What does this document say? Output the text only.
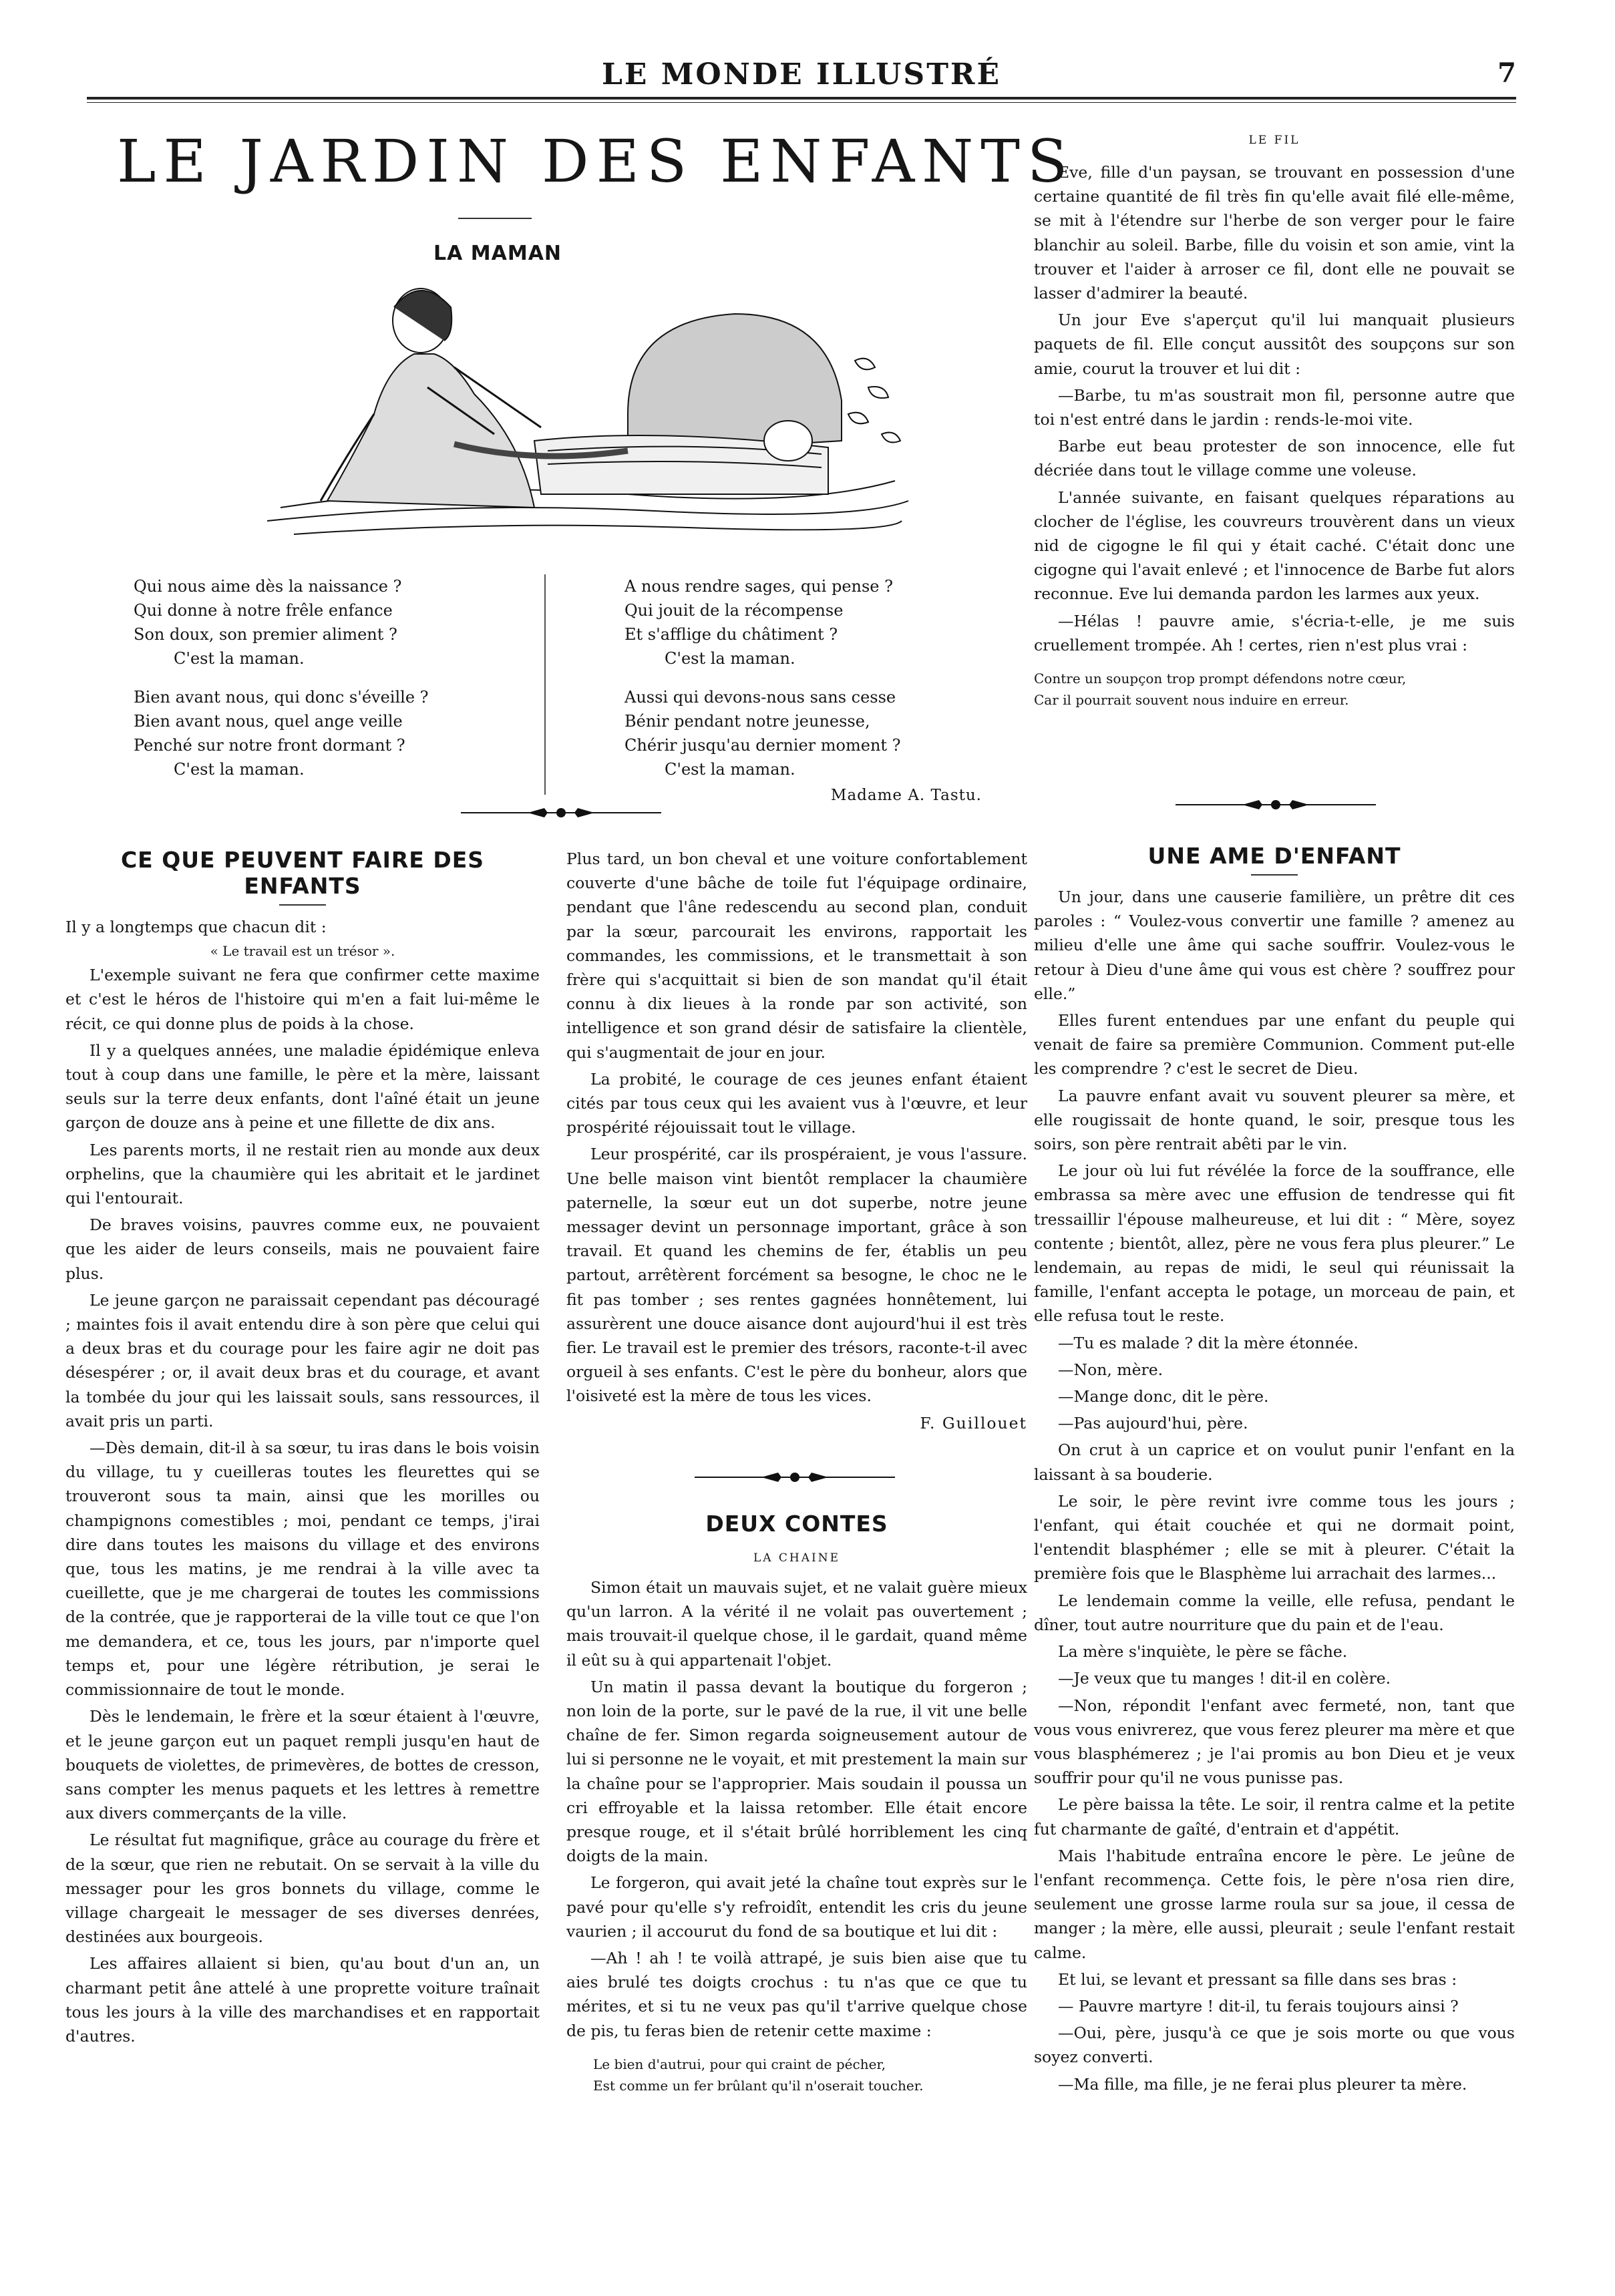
LE MONDE ILLUSTRÉ	7
LE JARDIN DES ENFANTS
LA MAMAN
Qui nous aime dès la naissance ?
Qui donne à notre frêle enfance
Son doux, son premier aliment ?
C'est la maman.
Bien avant nous, qui donc s'éveille ?
Bien avant nous, quel ange veille
Penché sur notre front dormant ?
C'est la maman.
A nous rendre sages, qui pense ?
Qui jouit de la récompense
Et s'afflige du châtiment ?
C'est la maman.
Aussi qui devons-nous sans cesse
Bénir pendant notre jeunesse,
Chérir jusqu'au dernier moment ?
C'est la maman.
Madame A. Tastu.
CE QUE PEUVENT FAIRE DES ENFANTS

Il y a longtemps que chacun dit :

« Le travail est un trésor ».

L'exemple suivant ne fera que confirmer cette maxime et c'est le héros de l'histoire qui m'en a fait lui-même le récit, ce qui donne plus de poids à la chose.

Il y a quelques années, une maladie épidémique enleva tout à coup dans une famille, le père et la mère, laissant seuls sur la terre deux enfants, dont l'aîné était un jeune garçon de douze ans à peine et une fillette de dix ans.

Les parents morts, il ne restait rien au monde aux deux orphelins, que la chaumière qui les abritait et le jardinet qui l'entourait.

De braves voisins, pauvres comme eux, ne pouvaient que les aider de leurs conseils, mais ne pouvaient faire plus.

Le jeune garçon ne paraissait cependant pas découragé ; maintes fois il avait entendu dire à son père que celui qui a deux bras et du courage pour les faire agir ne doit pas désespérer ; or, il avait deux bras et du courage, et avant la tombée du jour qui les laissait souls, sans ressources, il avait pris un parti.

—Dès demain, dit-il à sa sœur, tu iras dans le bois voisin du village, tu y cueilleras toutes les fleurettes qui se trouveront sous ta main, ainsi que les morilles ou champignons comestibles ; moi, pendant ce temps, j'irai dire dans toutes les maisons du village et des environs que, tous les matins, je me rendrai à la ville avec ta cueillette, que je me chargerai de toutes les commissions de la contrée, que je rapporterai de la ville tout ce que l'on me demandera, et ce, tous les jours, par n'importe quel temps et, pour une légère rétribution, je serai le commissionnaire de tout le monde.

Dès le lendemain, le frère et la sœur étaient à l'œuvre, et le jeune garçon eut un paquet rempli jusqu'en haut de bouquets de violettes, de primevères, de bottes de cresson, sans compter les menus paquets et les lettres à remettre aux divers commerçants de la ville.

Le résultat fut magnifique, grâce au courage du frère et de la sœur, que rien ne rebutait. On se servait à la ville du messager pour les gros bonnets du village, comme le village chargeait le messager de ses diverses denrées, destinées aux bourgeois.

Les affaires allaient si bien, qu'au bout d'un an, un charmant petit âne attelé à une proprette voiture traînait tous les jours à la ville des marchandises et en rapportait d'autres.

Plus tard, un bon cheval et une voiture confortablement couverte d'une bâche de toile fut l'équipage ordinaire, pendant que l'âne redescendu au second plan, conduit par la sœur, parcourait les environs, rapportait les commandes, les commissions, et le transmettait à son frère qui s'acquittait si bien de son mandat qu'il était connu à dix lieues à la ronde par son activité, son intelligence et son grand désir de satisfaire la clientèle, qui s'augmentait de jour en jour.

La probité, le courage de ces jeunes enfant étaient cités par tous ceux qui les avaient vus à l'œuvre, et leur prospérité réjouissait tout le village.

Leur prospérité, car ils prospéraient, je vous l'assure. Une belle maison vint bientôt remplacer la chaumière paternelle, la sœur eut un dot superbe, notre jeune messager devint un personnage important, grâce à son travail. Et quand les chemins de fer, établis un peu partout, arrêtèrent forcément sa besogne, le choc ne le fit pas tomber ; ses rentes gagnées honnêtement, lui assurèrent une douce aisance dont aujourd'hui il est très fier. Le travail est le premier des trésors, raconte-t-il avec orgueil à ses enfants. C'est le père du bonheur, alors que l'oisiveté est la mère de tous les vices.

F. Guillouet

DEUX CONTES
LA CHAINE

Simon était un mauvais sujet, et ne valait guère mieux qu'un larron. A la vérité il ne volait pas ouvertement ; mais trouvait-il quelque chose, il le gardait, quand même il eût su à qui appartenait l'objet.

Un matin il passa devant la boutique du forgeron ; non loin de la porte, sur le pavé de la rue, il vit une belle chaîne de fer. Simon regarda soigneusement autour de lui si personne ne le voyait, et mit prestement la main sur la chaîne pour se l'approprier. Mais soudain il poussa un cri effroyable et la laissa retomber. Elle était encore presque rouge, et il s'était brûlé horriblement les cinq doigts de la main.

Le forgeron, qui avait jeté la chaîne tout exprès sur le pavé pour qu'elle s'y refroidît, entendit les cris du jeune vaurien ; il accourut du fond de sa boutique et lui dit :

—Ah ! ah ! te voilà attrapé, je suis bien aise que tu aies brulé tes doigts crochus : tu n'as que ce que tu mérites, et si tu ne veux pas qu'il t'arrive quelque chose de pis, tu feras bien de retenir cette maxime :

Le bien d'autrui, pour qui craint de pécher,

Est comme un fer brûlant qu'il n'oserait toucher.

LE FIL

Eve, fille d'un paysan, se trouvant en possession d'une certaine quantité de fil très fin qu'elle avait filé elle-même, se mit à l'étendre sur l'herbe de son verger pour le faire blanchir au soleil. Barbe, fille du voisin et son amie, vint la trouver et l'aider à arroser ce fil, dont elle ne pouvait se lasser d'admirer la beauté.

Un jour Eve s'aperçut qu'il lui manquait plusieurs paquets de fil. Elle conçut aussitôt des soupçons sur son amie, courut la trouver et lui dit :

—Barbe, tu m'as soustrait mon fil, personne autre que toi n'est entré dans le jardin : rends-le-moi vite.

Barbe eut beau protester de son innocence, elle fut décriée dans tout le village comme une voleuse.

L'année suivante, en faisant quelques réparations au clocher de l'église, les couvreurs trouvèrent dans un vieux nid de cigogne le fil qui y était caché. C'était donc une cigogne qui l'avait enlevé ; et l'innocence de Barbe fut alors reconnue. Eve lui demanda pardon les larmes aux yeux.

—Hélas ! pauvre amie, s'écria-t-elle, je me suis cruellement trompée. Ah ! certes, rien n'est plus vrai :

Contre un soupçon trop prompt défendons notre cœur,

Car il pourrait souvent nous induire en erreur.

UNE AME D'ENFANT

Un jour, dans une causerie familière, un prêtre dit ces paroles : “ Voulez-vous convertir une famille ? amenez au milieu d'elle une âme qui sache souffrir. Voulez-vous le retour à Dieu d'une âme qui vous est chère ? souffrez pour elle.”

Elles furent entendues par une enfant du peuple qui venait de faire sa première Communion. Comment put-elle les comprendre ? c'est le secret de Dieu.

La pauvre enfant avait vu souvent pleurer sa mère, et elle rougissait de honte quand, le soir, presque tous les soirs, son père rentrait abêti par le vin.

Le jour où lui fut révélée la force de la souffrance, elle embrassa sa mère avec une effusion de tendresse qui fit tressaillir l'épouse malheureuse, et lui dit : “ Mère, soyez contente ; bientôt, allez, père ne vous fera plus pleurer.” Le lendemain, au repas de midi, le seul qui réunissait la famille, l'enfant accepta le potage, un morceau de pain, et elle refusa tout le reste.

—Tu es malade ? dit la mère étonnée.

—Non, mère.

—Mange donc, dit le père.

—Pas aujourd'hui, père.

On crut à un caprice et on voulut punir l'enfant en la laissant à sa bouderie.

Le soir, le père revint ivre comme tous les jours ; l'enfant, qui était couchée et qui ne dormait point, l'entendit blasphémer ; elle se mit à pleurer. C'était la première fois que le Blasphème lui arrachait des larmes...

Le lendemain comme la veille, elle refusa, pendant le dîner, tout autre nourriture que du pain et de l'eau.

La mère s'inquiète, le père se fâche.

—Je veux que tu manges ! dit-il en colère.

—Non, répondit l'enfant avec fermeté, non, tant que vous vous enivrerez, que vous ferez pleurer ma mère et que vous blasphémerez ; je l'ai promis au bon Dieu et je veux souffrir pour qu'il ne vous punisse pas.

Le père baissa la tête. Le soir, il rentra calme et la petite fut charmante de gaîté, d'entrain et d'appétit.

Mais l'habitude entraîna encore le père. Le jeûne de l'enfant recommença. Cette fois, le père n'osa rien dire, seulement une grosse larme roula sur sa joue, il cessa de manger ; la mère, elle aussi, pleurait ; seule l'enfant restait calme.

Et lui, se levant et pressant sa fille dans ses bras :

— Pauvre martyre ! dit-il, tu ferais toujours ainsi ?

—Oui, père, jusqu'à ce que je sois morte ou que vous soyez converti.

—Ma fille, ma fille, je ne ferai plus pleurer ta mère.
